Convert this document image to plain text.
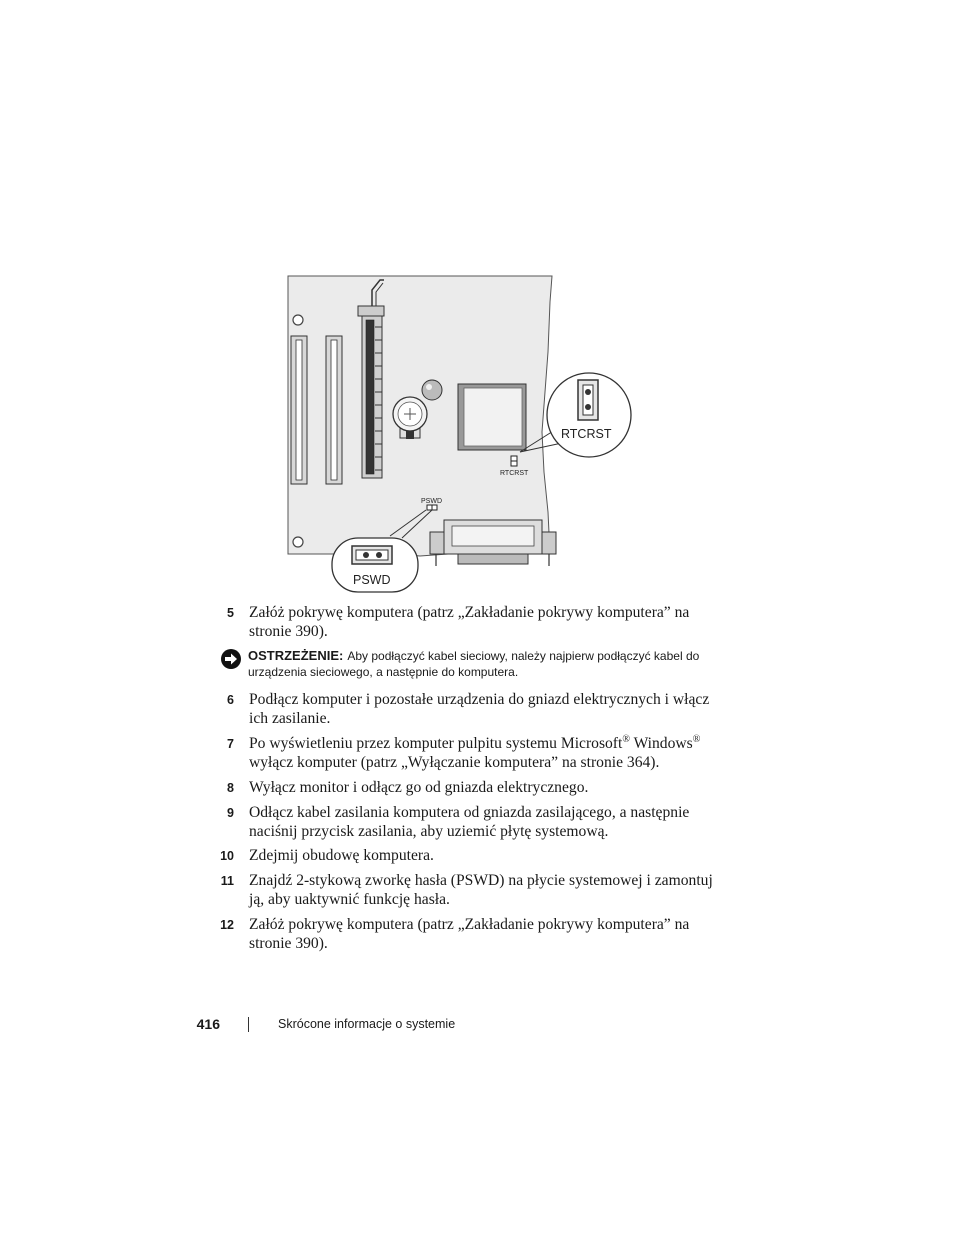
RTCRST
RTCRST
PSWD
PSWD
5 Załóż pokrywę komputera (patrz „Zakładanie pokrywy komputera” na stronie 390).
OSTRZEŻENIE: Aby podłączyć kabel sieciowy, należy najpierw podłączyć kabel do urządzenia sieciowego, a następnie do komputera.
6 Podłącz komputer i pozostałe urządzenia do gniazd elektrycznych i włącz ich zasilanie.
7 Po wyświetleniu przez komputer pulpitu systemu Microsoft® Windows® wyłącz komputer (patrz „Wyłączanie komputera” na stronie 364).
8 Wyłącz monitor i odłącz go od gniazda elektrycznego.
9 Odłącz kabel zasilania komputera od gniazda zasilającego, a następnie naciśnij przycisk zasilania, aby uziemić płytę systemową.
10 Zdejmij obudowę komputera.
11 Znajdź 2-stykową zworkę hasła (PSWD) na płycie systemowej i zamontuj ją, aby uaktywnić funkcję hasła.
12 Załóż pokrywę komputera (patrz „Zakładanie pokrywy komputera” na stronie 390).
416	Skrócone informacje o systemie
